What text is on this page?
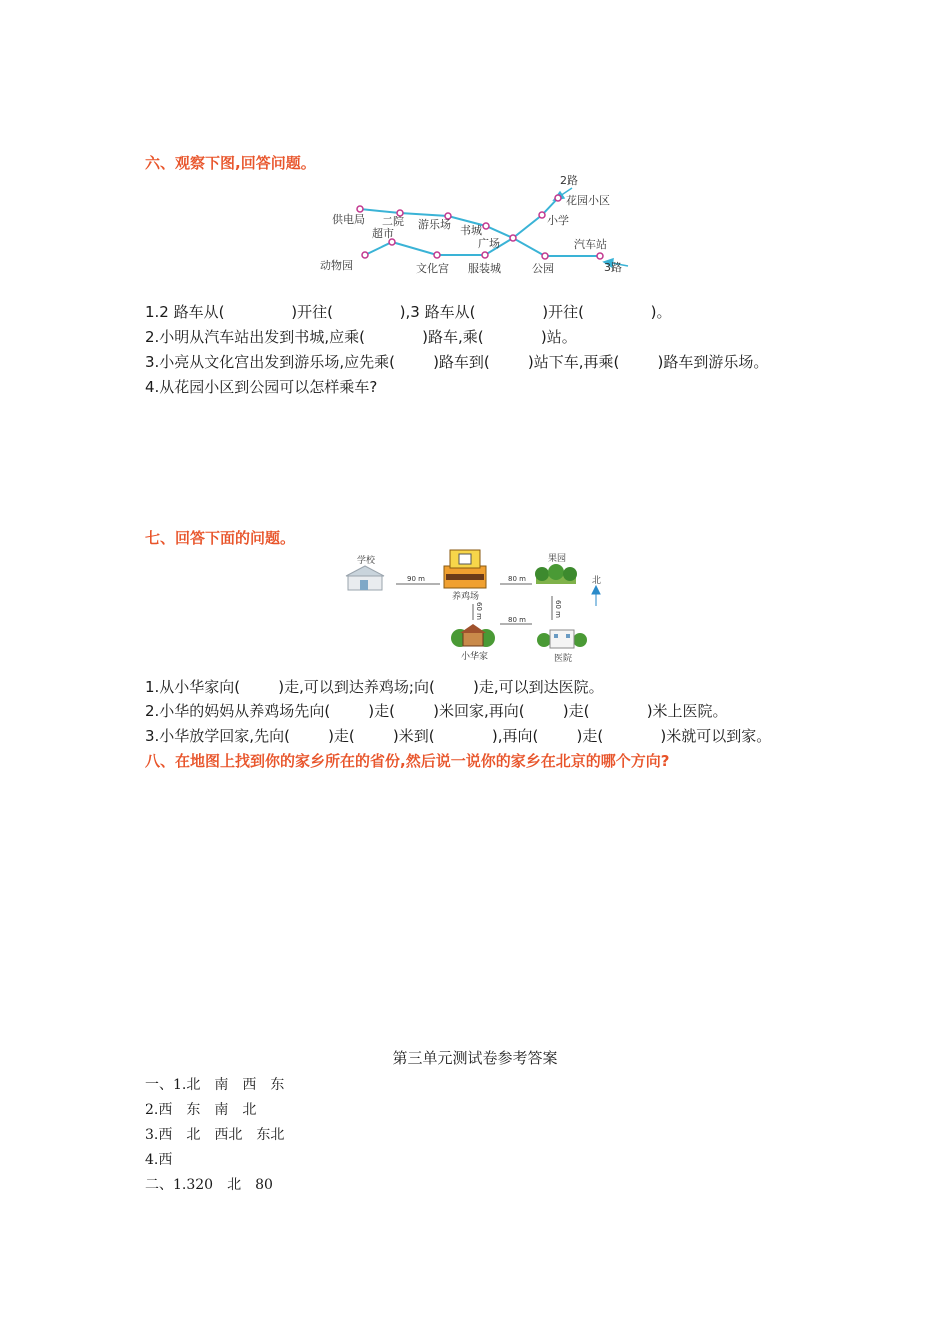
六、观察下图,回答问题。
2路
花园小区
小学
供电局 二院 游乐场 书城
超市
广场	汽车站
动物园	文化宫 服装城	公园	3路
1.2 路车从(              )开往(              ),3 路车从(              )开往(              )。
2.小明从汽车站出发到书城,应乘(            )路车,乘(            )站。
3.小亮从文化宫出发到游乐场,应先乘(        )路车到(        )站下车,再乘(        )路车到游乐场。
4.从花园小区到公园可以怎样乘车?
七、回答下面的问题。
学校
养鸡场
果园
小华家	医院
90 m	80 m
80 m
60 m	60 m
北
1.从小华家向(        )走,可以到达养鸡场;向(        )走,可以到达医院。
2.小华的妈妈从养鸡场先向(        )走(        )米回家,再向(        )走(            )米上医院。
3.小华放学回家,先向(        )走(        )米到(            ),再向(        )走(            )米就可以到家。
八、在地图上找到你的家乡所在的省份,然后说一说你的家乡在北京的哪个方向?
第三单元测试卷参考答案
一、1.北　南　西　东
2.西　东　南　北
3.西　北　西北　东北
4.西
二、1.320　北　80
